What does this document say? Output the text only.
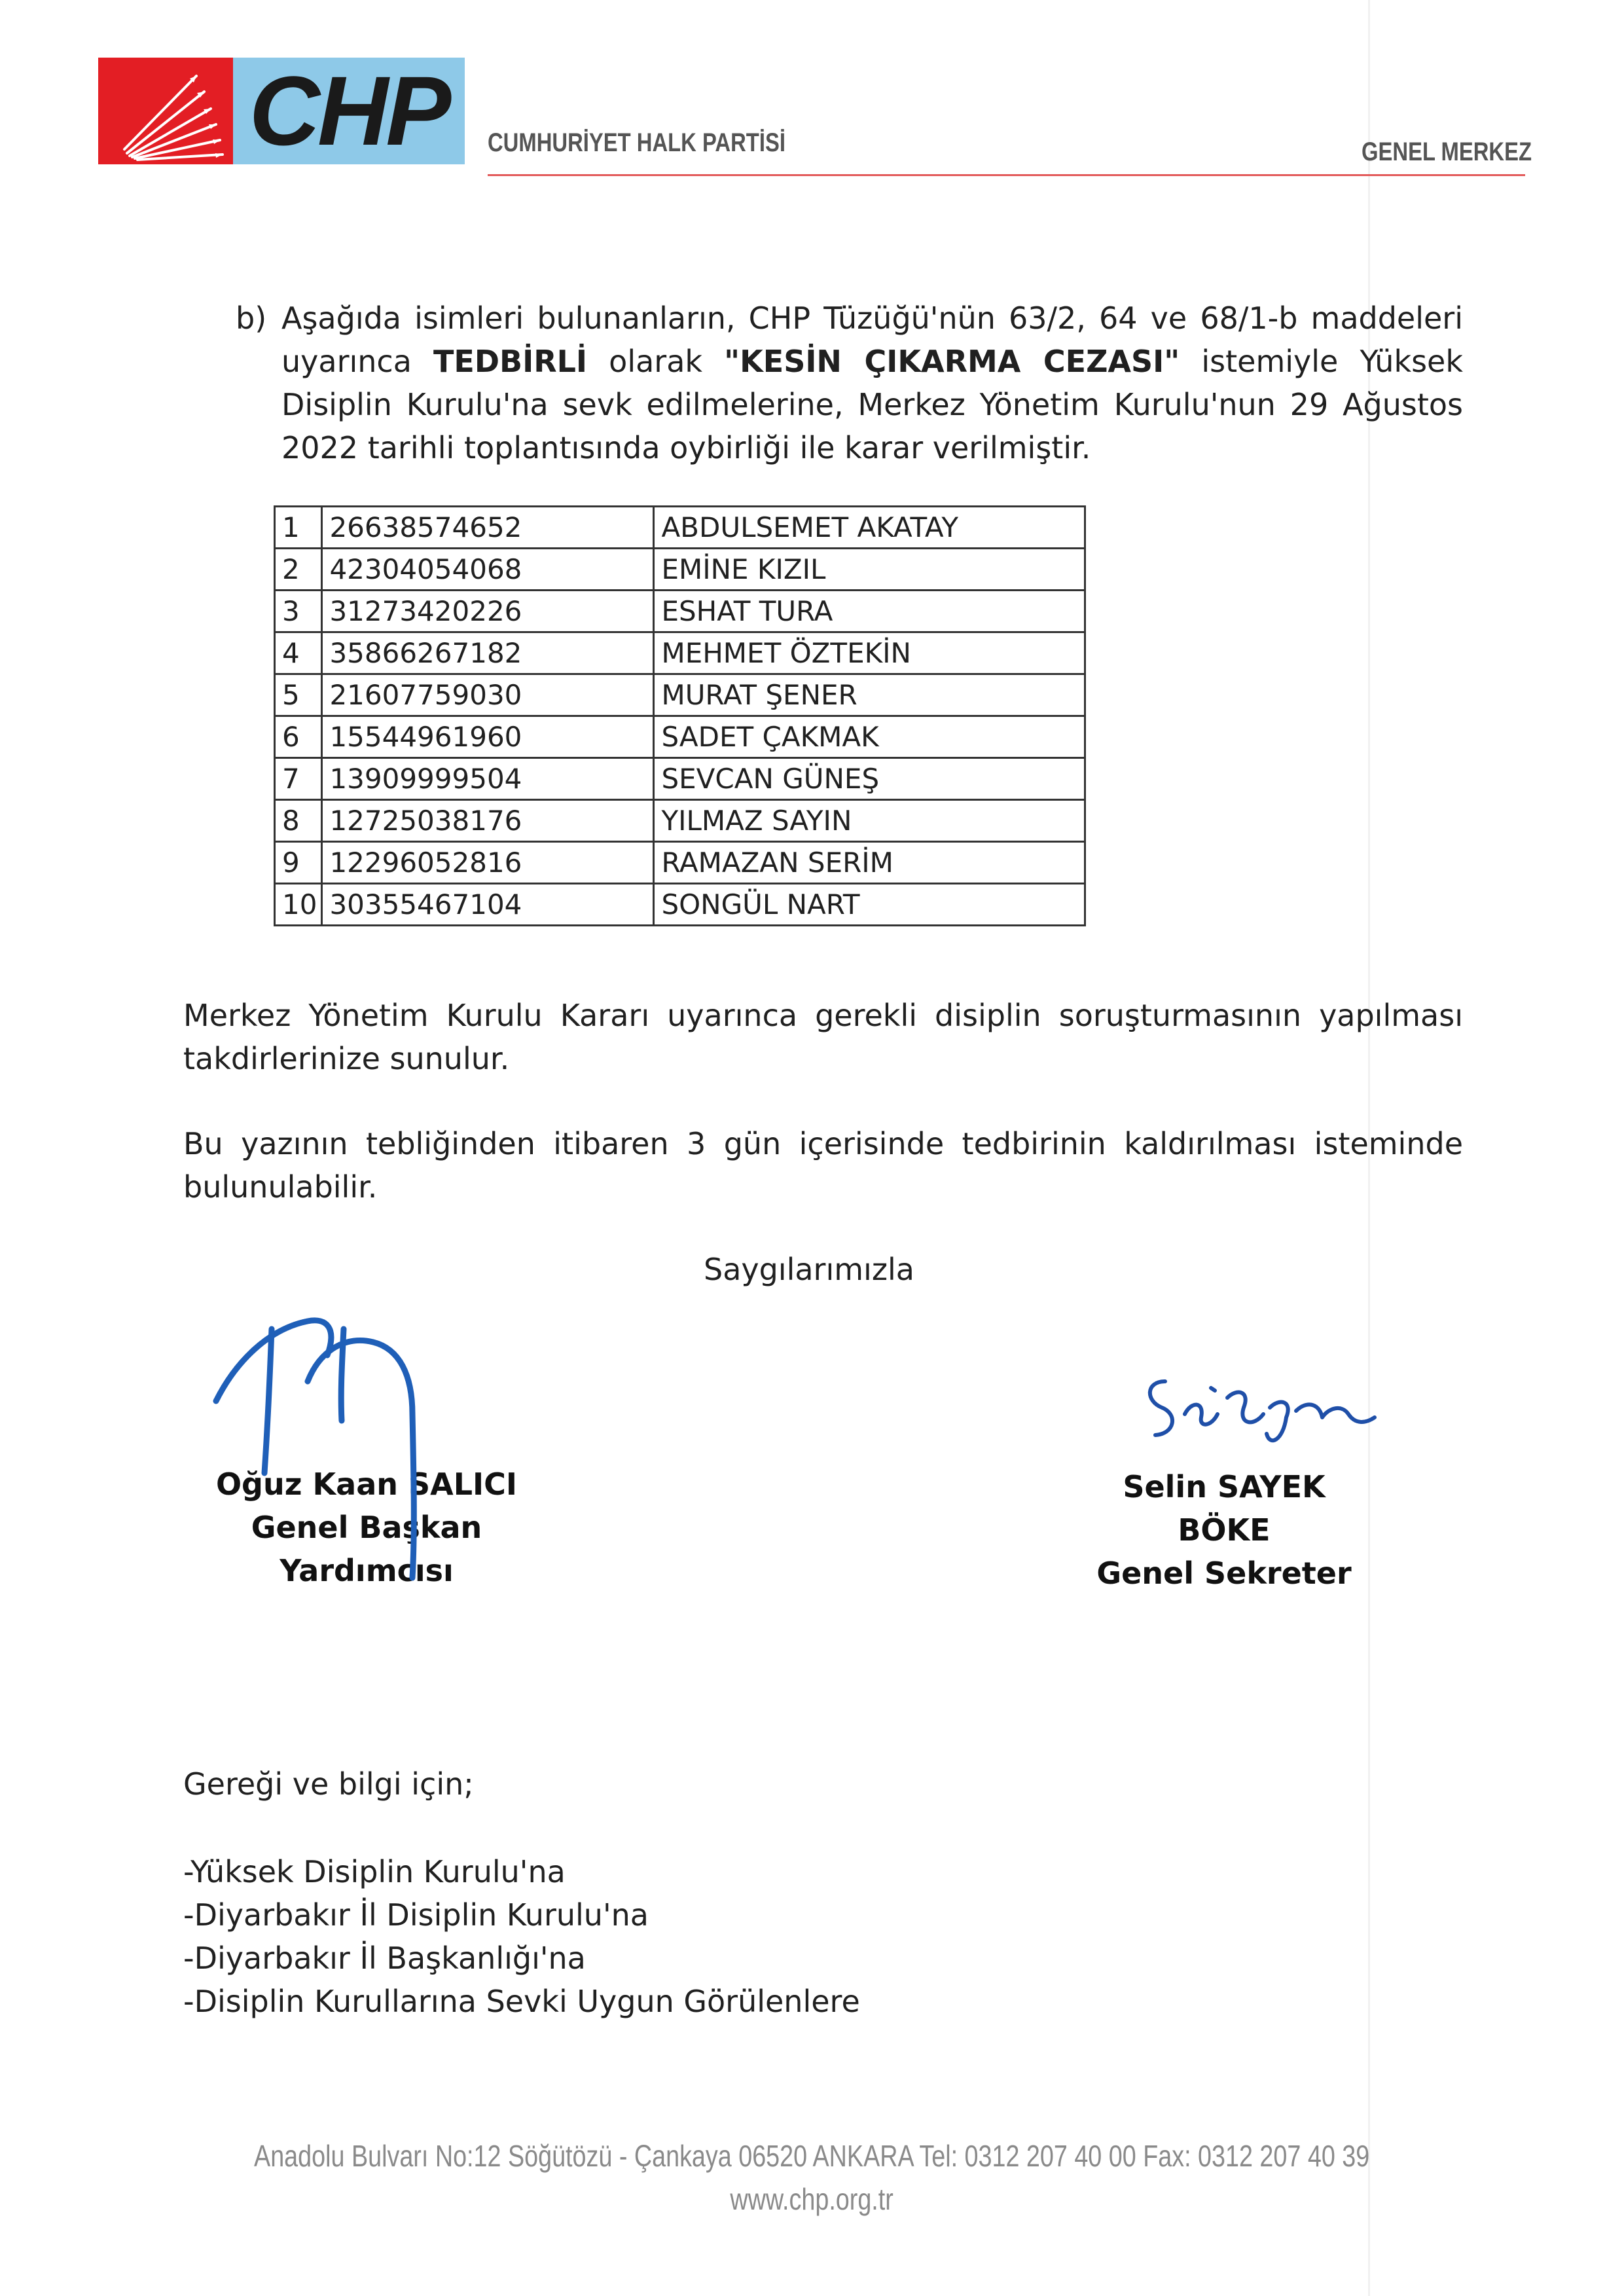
CHP	CUMHURİYET HALK PARTİSİ	GENEL MERKEZ
b) Aşağıda isimleri bulunanların, CHP Tüzüğü'nün 63/2, 64 ve 68/1-b maddeleri uyarınca TEDBİRLİ olarak "KESİN ÇIKARMA CEZASI" istemiyle Yüksek Disiplin Kurulu'na sevk edilmelerine, Merkez Yönetim Kurulu'nun 29 Ağustos 2022 tarihli toplantısında oybirliği ile karar verilmiştir.
1	26638574652	ABDULSEMET AKATAY
2	42304054068	EMİNE KIZIL
3	31273420226	ESHAT TURA
4	35866267182	MEHMET ÖZTEKİN
5	21607759030	MURAT ŞENER
6	15544961960	SADET ÇAKMAK
7	13909999504	SEVCAN GÜNEŞ
8	12725038176	YILMAZ SAYIN
9	12296052816	RAMAZAN SERİM
10	30355467104	SONGÜL NART
Merkez Yönetim Kurulu Kararı uyarınca gerekli disiplin soruşturmasının yapılması takdirlerinize sunulur.
Bu yazının tebliğinden itibaren 3 gün içerisinde tedbirinin kaldırılması isteminde bulunulabilir.
Saygılarımızla
Oğuz Kaan SALICI
Genel Başkan Yardımcısı
Selin SAYEK BÖKE
Genel Sekreter
Gereği ve bilgi için;
-Yüksek Disiplin Kurulu'na
-Diyarbakır İl Disiplin Kurulu'na
-Diyarbakır İl Başkanlığı'na
-Disiplin Kurullarına Sevki Uygun Görülenlere
Anadolu Bulvarı No:12 Söğütözü - Çankaya 06520 ANKARA Tel: 0312 207 40 00 Fax: 0312 207 40 39
www.chp.org.tr
